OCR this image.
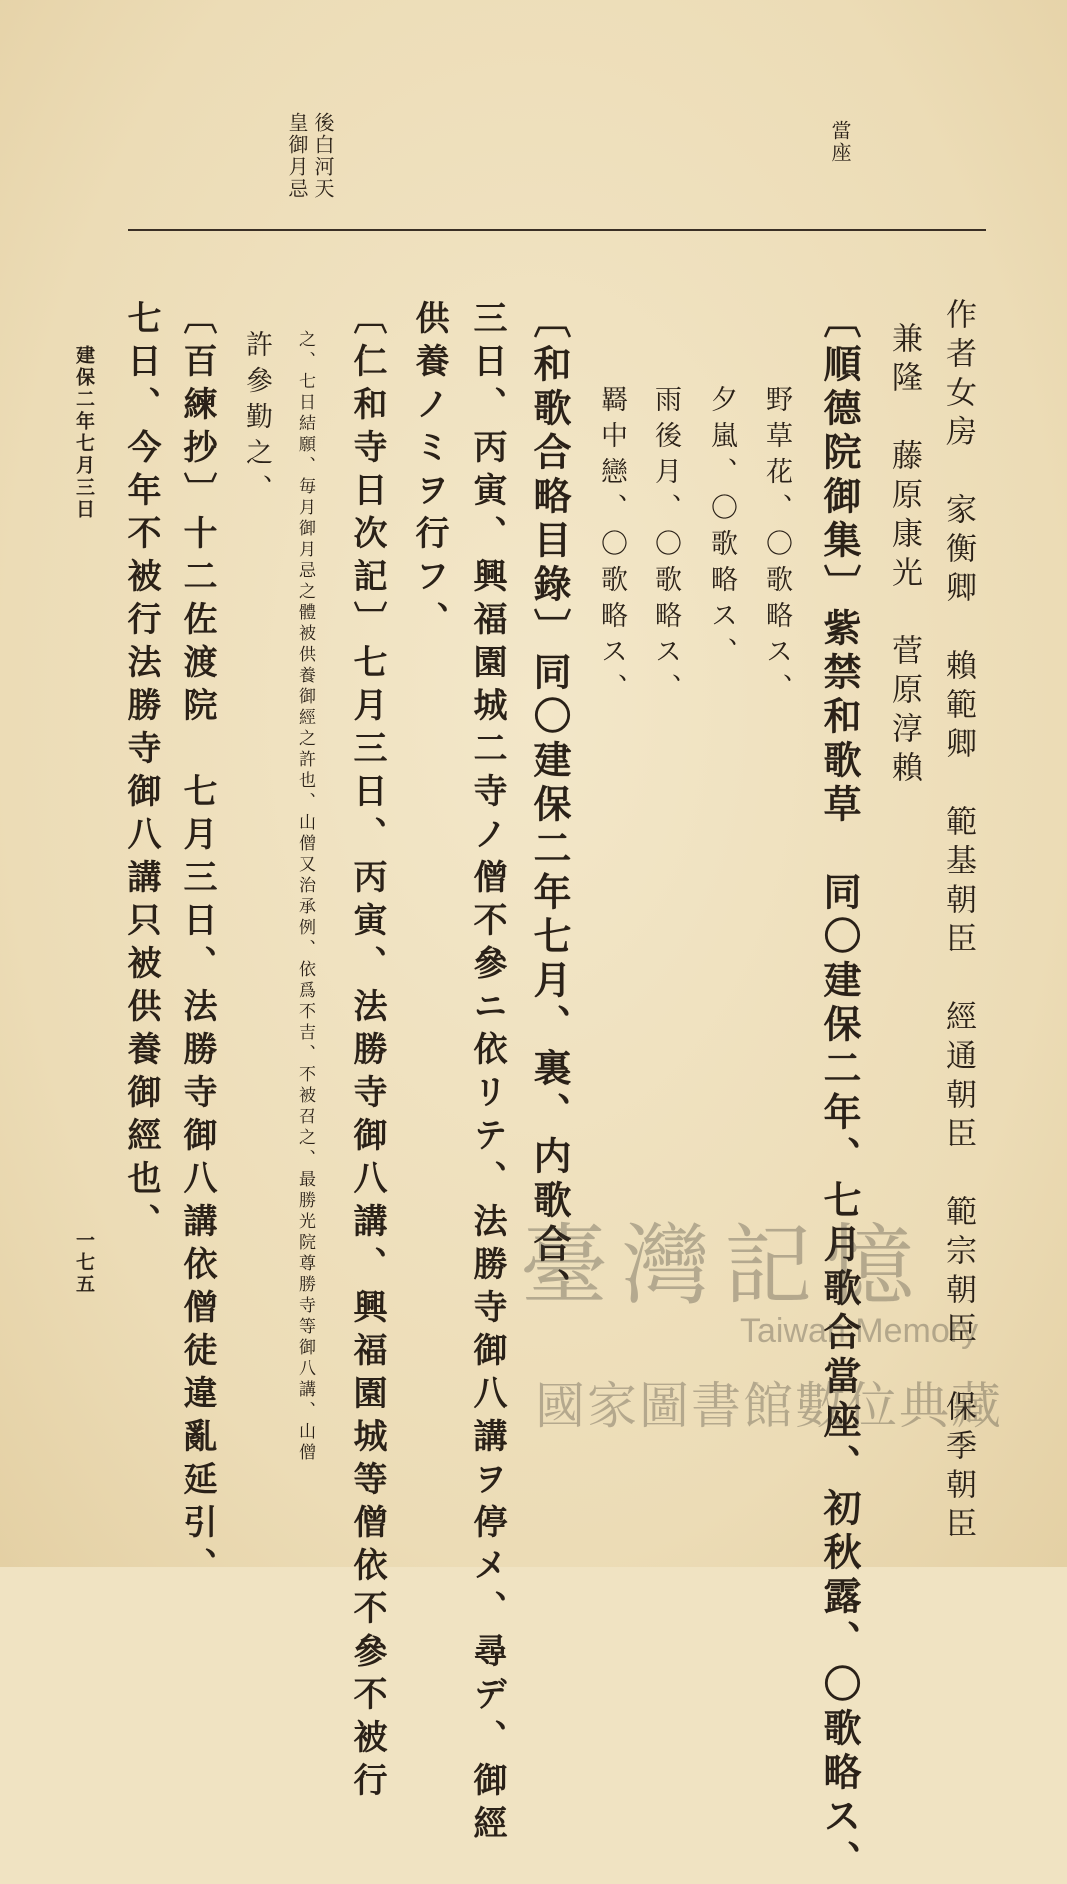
當座
後白河天
皇御月忌
作者女房　家衡卿　賴範卿　範基朝臣　經通朝臣　範宗朝臣　保季朝臣
兼隆　藤原康光　菅原淳賴
〔順德院御集〕紫禁和歌草　同〇建保二年、七月歌合當座、初秋露、〇歌略ス、
野草花、〇歌略ス、
夕嵐、〇歌略ス、
雨後月、〇歌略ス、
羇中戀、〇歌略ス、
〔和歌合略目錄〕同〇建保二年七月、裏、内歌合、
三日、丙寅、興福園城二寺ノ僧不參ニ依リテ、法勝寺御八講ヲ停メ、尋デ、御經
供養ノミヲ行フ、
〔仁和寺日次記〕七月三日、丙寅、法勝寺御八講、興福園城等僧依不參不被行
之、七日結願、毎月御月忌之體被供養御經之許也、山僧又治承例、依爲不吉、不被召之、最勝光院尊勝寺等御八講、山僧
許參勤之、
〔百練抄〕十二佐渡院　七月三日、法勝寺御八講依僧徒違亂延引、
七日、今年不被行法勝寺御八講只被供養御經也、
建保二年七月三日
一七五	臺灣記憶
Taiwan Memory
國家圖書館數位典藏
